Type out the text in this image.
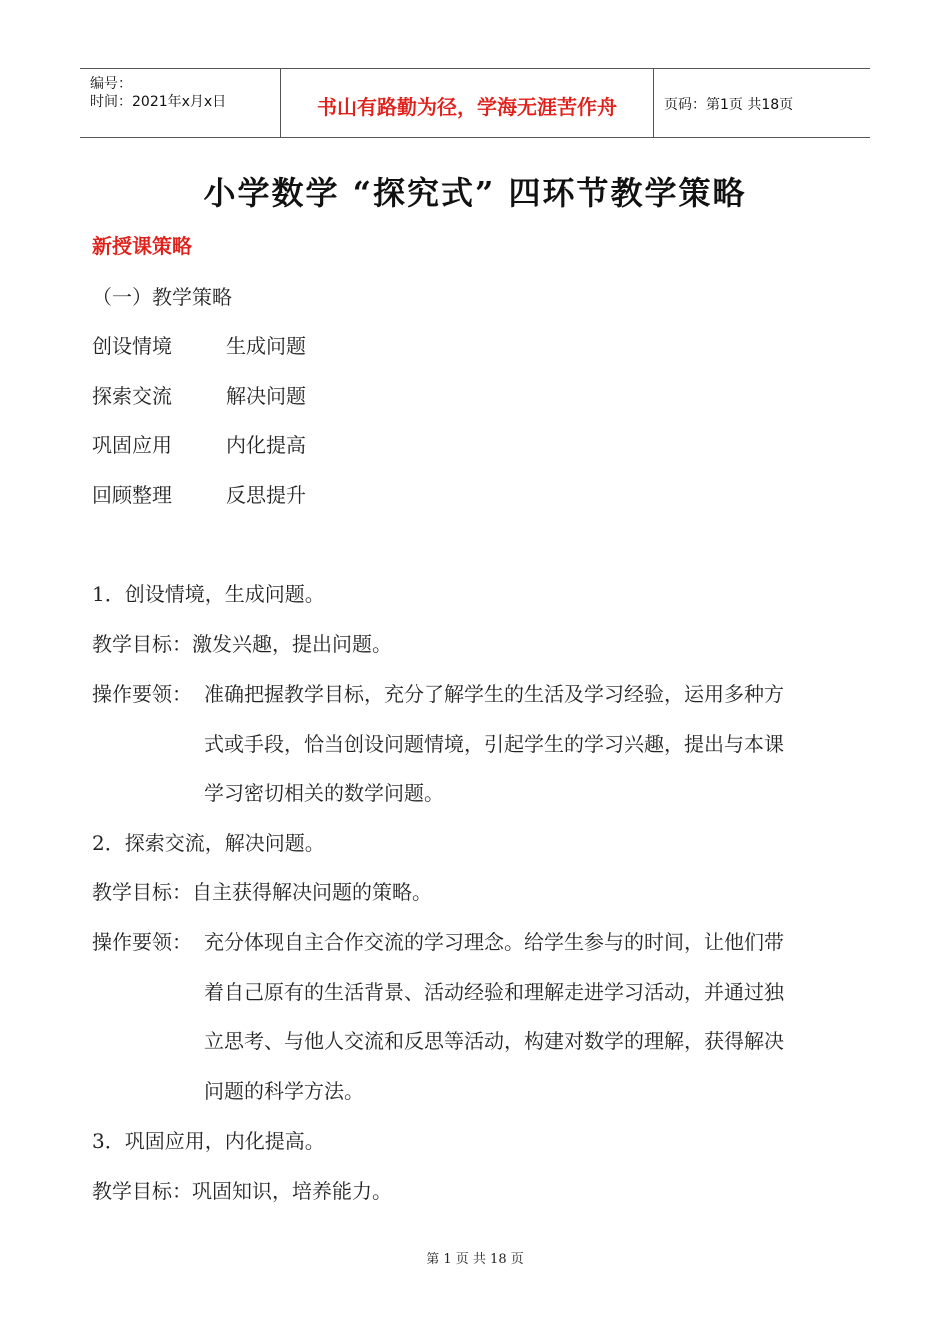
编号：
时间：2021年x月x日	书山有路勤为径，学海无涯苦作舟	页码：第1页 共18页
小学数学 “探究式” 四环节教学策略
新授课策略
（一）教学策略
创设情境	生成问题
探索交流	解决问题
巩固应用	内化提高
回顾整理	反思提升
1．创设情境，生成问题。
教学目标：激发兴趣，提出问题。
操作要领： 准确把握教学目标，充分了解学生的生活及学习经验，运用多种方
式或手段，恰当创设问题情境，引起学生的学习兴趣，提出与本课
学习密切相关的数学问题。
2．探索交流，解决问题。
教学目标：自主获得解决问题的策略。
操作要领： 充分体现自主合作交流的学习理念。给学生参与的时间，让他们带
着自己原有的生活背景、活动经验和理解走进学习活动，并通过独
立思考、与他人交流和反思等活动，构建对数学的理解，获得解决
问题的科学方法。
3．巩固应用，内化提高。
教学目标：巩固知识，培养能力。
第 1 页 共 18 页
